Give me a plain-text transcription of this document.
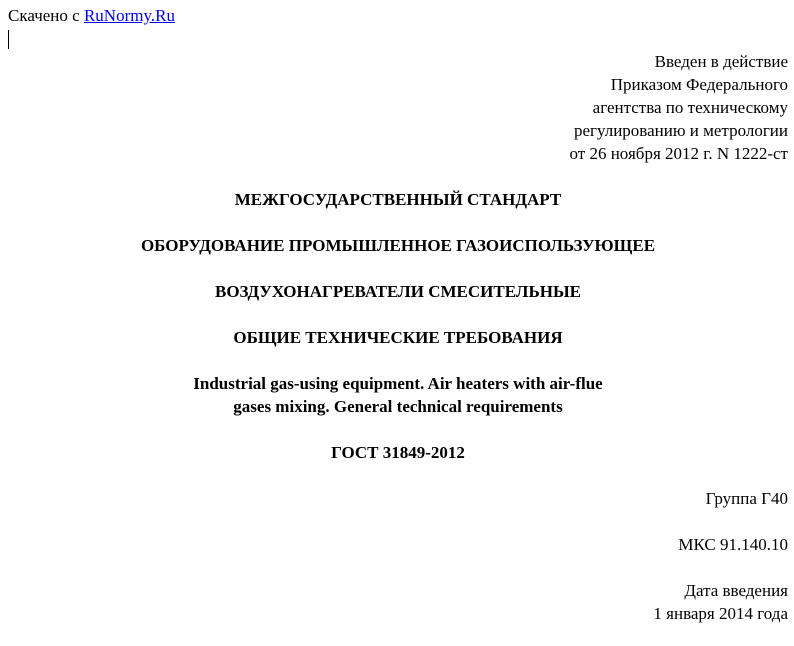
Скачено с RuNormy.Ru
Введен в действие
Приказом Федерального
агентства по техническому
регулированию и метрологии
от 26 ноября 2012 г. N 1222-ст
МЕЖГОСУДАРСТВЕННЫЙ СТАНДАРТ
ОБОРУДОВАНИЕ ПРОМЫШЛЕННОЕ ГАЗОИСПОЛЬЗУЮЩЕЕ
ВОЗДУХОНАГРЕВАТЕЛИ СМЕСИТЕЛЬНЫЕ
ОБЩИЕ ТЕХНИЧЕСКИЕ ТРЕБОВАНИЯ
Industrial gas-using equipment. Air heaters with air-flue
gases mixing. General technical requirements
ГОСТ 31849-2012
Группа Г40
МКС 91.140.10
Дата введения
1 января 2014 года
